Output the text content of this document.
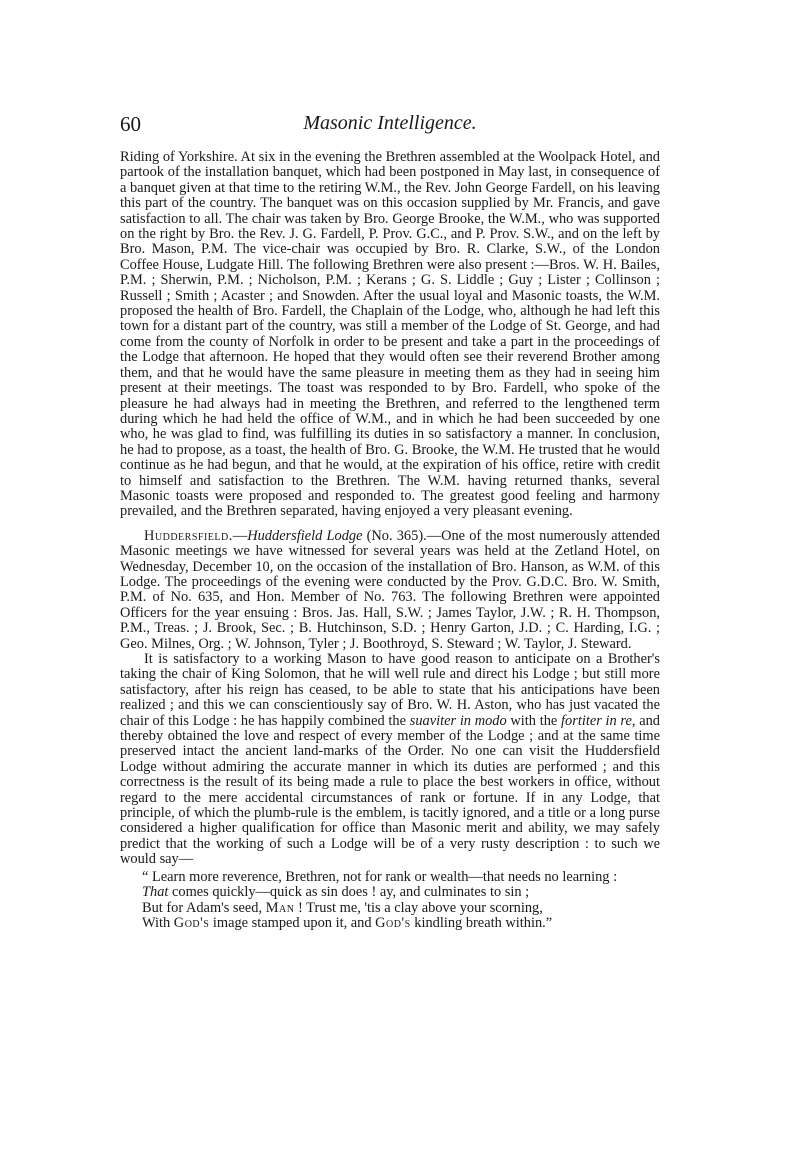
60	Masonic Intelligence.

Riding of Yorkshire. At six in the evening the Brethren assembled at the Woolpack Hotel, and partook of the installation banquet, which had been postponed in May last, in consequence of a banquet given at that time to the retiring W.M., the Rev. John George Fardell, on his leaving this part of the country. The banquet was on this occasion supplied by Mr. Francis, and gave satisfaction to all. The chair was taken by Bro. George Brooke, the W.M., who was supported on the right by Bro. the Rev. J. G. Fardell, P. Prov. G.C., and P. Prov. S.W., and on the left by Bro. Mason, P.M. The vice-chair was occupied by Bro. R. Clarke, S.W., of the London Coffee House, Ludgate Hill. The following Brethren were also present :—Bros. W. H. Bailes, P.M. ; Sherwin, P.M. ; Nicholson, P.M. ; Kerans ; G. S. Liddle ; Guy ; Lister ; Collinson ; Russell ; Smith ; Acaster ; and Snowden. After the usual loyal and Masonic toasts, the W.M. proposed the health of Bro. Fardell, the Chaplain of the Lodge, who, although he had left this town for a distant part of the country, was still a member of the Lodge of St. George, and had come from the county of Norfolk in order to be present and take a part in the proceedings of the Lodge that afternoon. He hoped that they would often see their reverend Brother among them, and that he would have the same pleasure in meeting them as they had in seeing him present at their meetings. The toast was responded to by Bro. Fardell, who spoke of the pleasure he had always had in meeting the Brethren, and referred to the lengthened term during which he had held the office of W.M., and in which he had been succeeded by one who, he was glad to find, was fulfilling its duties in so satisfactory a manner. In conclusion, he had to propose, as a toast, the health of Bro. G. Brooke, the W.M. He trusted that he would continue as he had begun, and that he would, at the expiration of his office, retire with credit to himself and satisfaction to the Brethren. The W.M. having returned thanks, several Masonic toasts were proposed and responded to. The greatest good feeling and harmony prevailed, and the Brethren separated, having enjoyed a very pleasant evening.

Huddersfield.—Huddersfield Lodge (No. 365).—One of the most numerously attended Masonic meetings we have witnessed for several years was held at the Zetland Hotel, on Wednesday, December 10, on the occasion of the installation of Bro. Hanson, as W.M. of this Lodge. The proceedings of the evening were conducted by the Prov. G.D.C. Bro. W. Smith, P.M. of No. 635, and Hon. Member of No. 763. The following Brethren were appointed Officers for the year ensuing : Bros. Jas. Hall, S.W. ; James Taylor, J.W. ; R. H. Thompson, P.M., Treas. ; J. Brook, Sec. ; B. Hutchinson, S.D. ; Henry Garton, J.D. ; C. Harding, I.G. ; Geo. Milnes, Org. ; W. Johnson, Tyler ; J. Boothroyd, S. Steward ; W. Taylor, J. Steward.

It is satisfactory to a working Mason to have good reason to anticipate on a Brother's taking the chair of King Solomon, that he will well rule and direct his Lodge ; but still more satisfactory, after his reign has ceased, to be able to state that his anticipations have been realized ; and this we can conscientiously say of Bro. W. H. Aston, who has just vacated the chair of this Lodge : he has happily combined the suaviter in modo with the fortiter in re, and thereby obtained the love and respect of every member of the Lodge ; and at the same time preserved intact the ancient land-marks of the Order. No one can visit the Huddersfield Lodge without admiring the accurate manner in which its duties are performed ; and this correctness is the result of its being made a rule to place the best workers in office, without regard to the mere accidental circumstances of rank or fortune. If in any Lodge, that principle, of which the plumb-rule is the emblem, is tacitly ignored, and a title or a long purse considered a higher qualification for office than Masonic merit and ability, we may safely predict that the working of such a Lodge will be of a very rusty description : to such we would say—

“ Learn more reverence, Brethren, not for rank or wealth—that needs no learning :
That comes quickly—quick as sin does ! ay, and culminates to sin ;
But for Adam's seed, Man ! Trust me, 'tis a clay above your scorning,
With God's image stamped upon it, and God's kindling breath within.”
